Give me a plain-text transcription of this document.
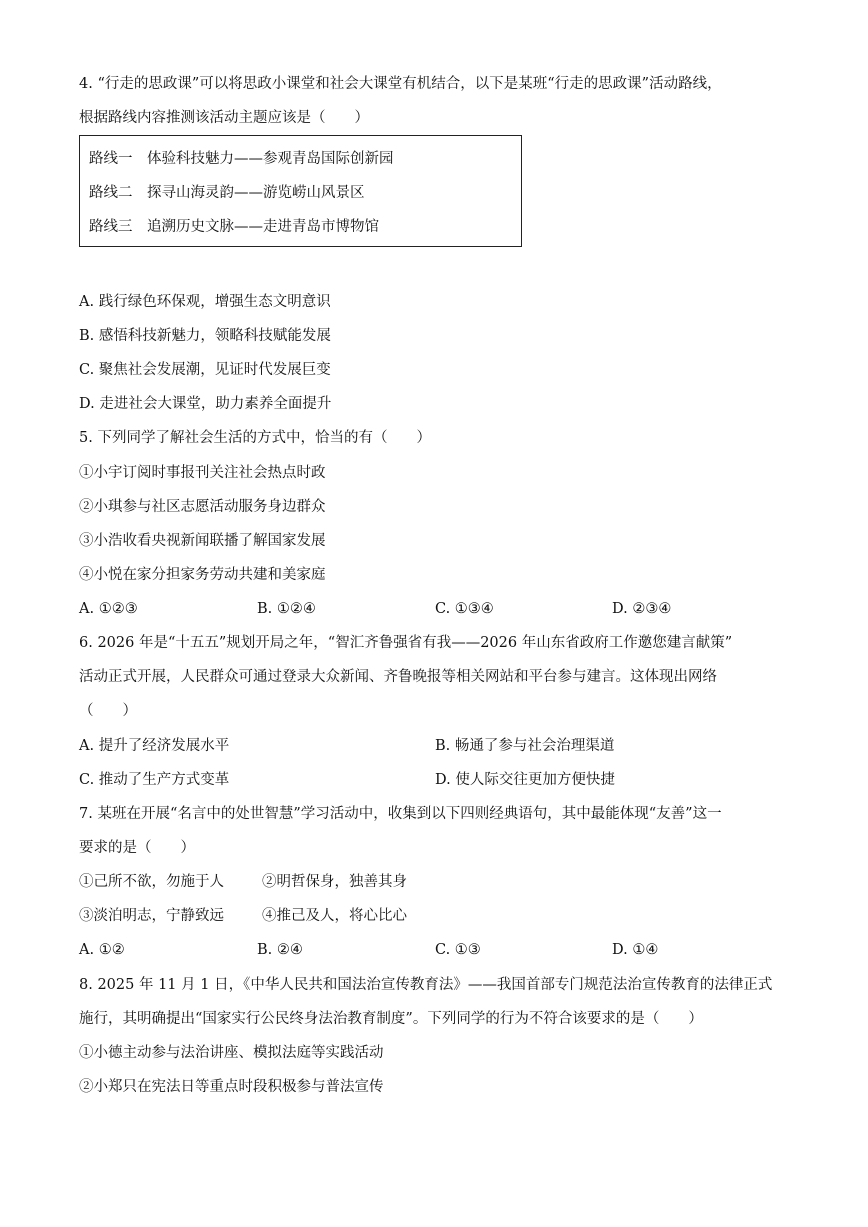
4. “行走的思政课”可以将思政小课堂和社会大课堂有机结合，以下是某班“行走的思政课”活动路线，
根据路线内容推测该活动主题应该是（　　）
路线一　体验科技魅力——参观青岛国际创新园
路线二　探寻山海灵韵——游览崂山风景区
路线三　追溯历史文脉——走进青岛市博物馆
A. 践行绿色环保观，增强生态文明意识
B. 感悟科技新魅力，领略科技赋能发展
C. 聚焦社会发展潮，见证时代发展巨变
D. 走进社会大课堂，助力素养全面提升
5. 下列同学了解社会生活的方式中，恰当的有（　　）
①小宇订阅时事报刊关注社会热点时政
②小琪参与社区志愿活动服务身边群众
③小浩收看央视新闻联播了解国家发展
④小悦在家分担家务劳动共建和美家庭
A. ①②③	B. ①②④	C. ①③④	D. ②③④
6. 2026 年是“十五五”规划开局之年，“智汇齐鲁强省有我——2026 年山东省政府工作邀您建言献策”
活动正式开展，人民群众可通过登录大众新闻、齐鲁晚报等相关网站和平台参与建言。这体现出网络
（　　）
A. 提升了经济发展水平	B. 畅通了参与社会治理渠道
C. 推动了生产方式变革	D. 使人际交往更加方便快捷
7. 某班在开展“名言中的处世智慧”学习活动中，收集到以下四则经典语句，其中最能体现“友善”这一
要求的是（　　）
①己所不欲，勿施于人	②明哲保身，独善其身
③淡泊明志，宁静致远	④推己及人，将心比心
A. ①②	B. ②④	C. ①③	D. ①④
8. 2025 年 11 月 1 日，《中华人民共和国法治宣传教育法》——我国首部专门规范法治宣传教育的法律正式
施行，其明确提出“国家实行公民终身法治教育制度”。下列同学的行为不符合该要求的是（　　）
①小德主动参与法治讲座、模拟法庭等实践活动
②小郑只在宪法日等重点时段积极参与普法宣传
